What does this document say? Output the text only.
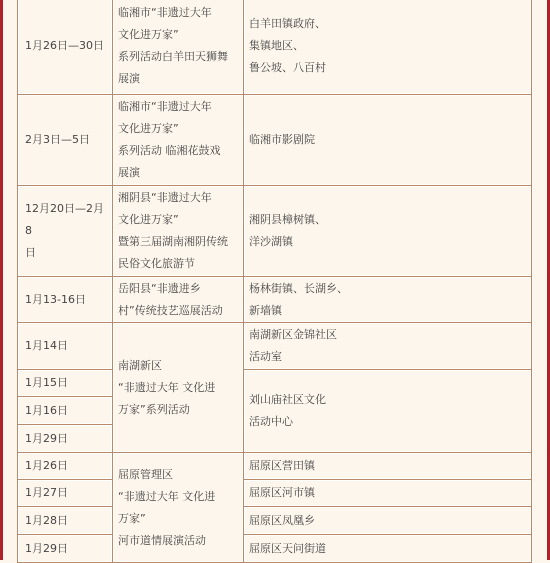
1月26日—30日	临湘市“非遗过大年
文化进万家”
系列活动白羊田天狮舞
展演	白羊田镇政府、
集镇地区、
鲁公坡、八百村

2月3日—5日	临湘市“非遗过大年
文化进万家”
系列活动 临湘花鼓戏
展演	临湘市影剧院

12月20日—2月8
日	湘阴县“非遗过大年
文化进万家”
暨第三届湖南湘阴传统
民俗文化旅游节	湘阴县樟树镇、
洋沙湖镇

1月13-16日	岳阳县“非遗进乡
村”传统技艺巡展活动	杨林街镇、长湖乡、
新墙镇

1月14日	南湖新区
“非遗过大年 文化进
万家”系列活动	南湖新区金锦社区
活动室

1月15日		刘山庙社区文化
活动中心

1月16日		

1月29日		

1月26日	屈原管理区
“非遗过大年 文化进
万家”
河市道情展演活动	屈原区营田镇

1月27日		屈原区河市镇

1月28日		屈原区凤凰乡

1月29日		屈原区天问街道
